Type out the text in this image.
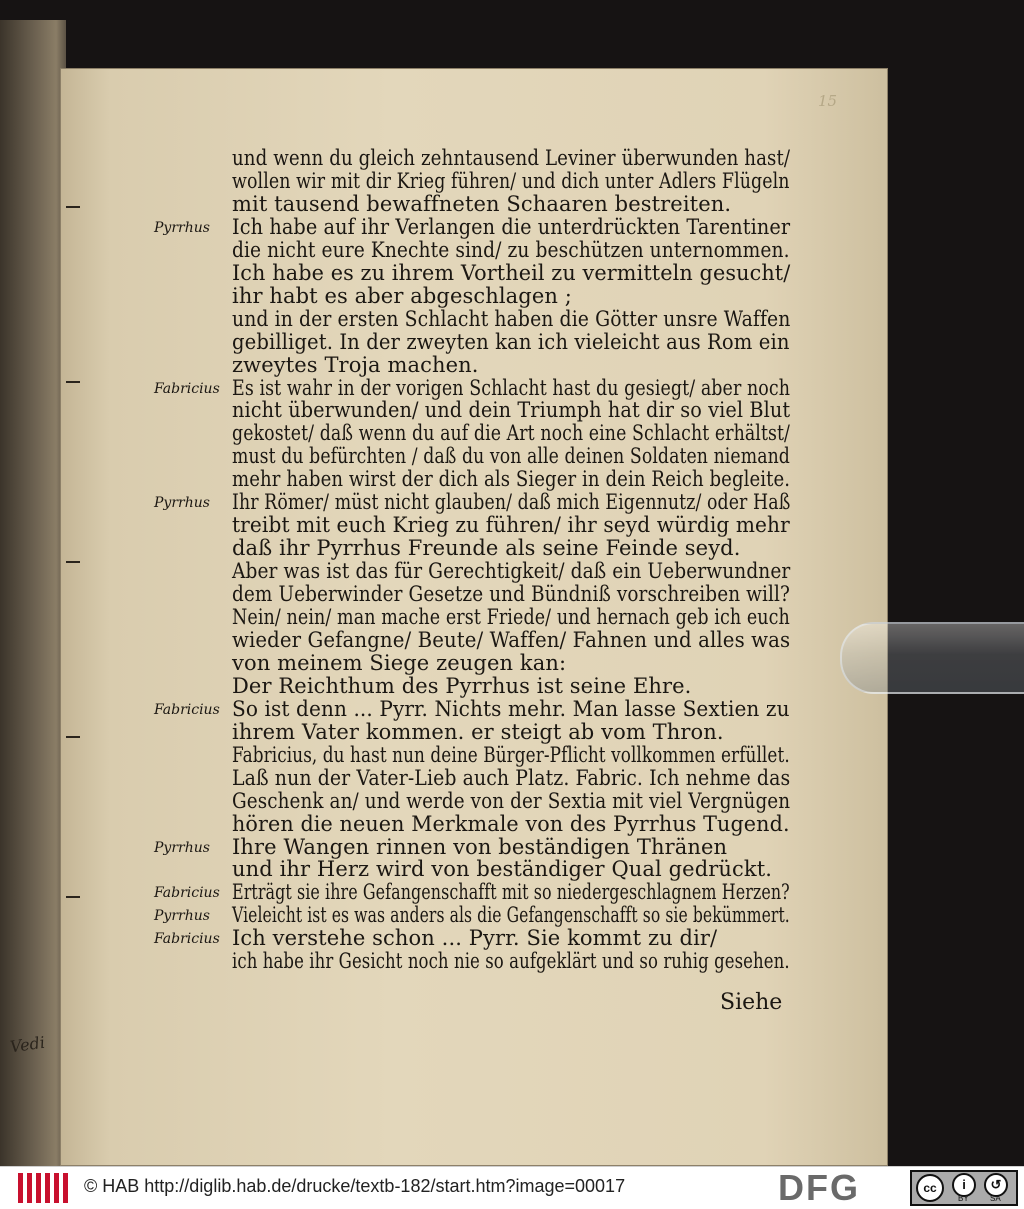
Vedi
15
und wenn du gleich zehntausend Leviner überwunden hast/
wollen wir mit dir Krieg führen/ und dich unter Adlers Flügeln
mit tausend bewaffneten Schaaren bestreiten.
Pyrrhus Ich habe auf ihr Verlangen die unterdrückten Tarentiner
die nicht eure Knechte sind/ zu beschützen unternommen.
Ich habe es zu ihrem Vortheil zu vermitteln gesucht/
ihr habt es aber abgeschlagen ;
und in der ersten Schlacht haben die Götter unsre Waffen
gebilliget. In der zweyten kan ich vieleicht aus Rom ein
zweytes Troja machen.
Fabricius Es ist wahr in der vorigen Schlacht hast du gesiegt/ aber noch
nicht überwunden/ und dein Triumph hat dir so viel Blut
gekostet/ daß wenn du auf die Art noch eine Schlacht erhältst/
must du befürchten / daß du von alle deinen Soldaten niemand
mehr haben wirst der dich als Sieger in dein Reich begleite.
Pyrrhus Ihr Römer/ müst nicht glauben/ daß mich Eigennutz/ oder Haß
treibt mit euch Krieg zu führen/ ihr seyd würdig mehr
daß ihr Pyrrhus Freunde als seine Feinde seyd.
Aber was ist das für Gerechtigkeit/ daß ein Ueberwundner
dem Ueberwinder Gesetze und Bündniß vorschreiben will?
Nein/ nein/ man mache erst Friede/ und hernach geb ich euch
wieder Gefangne/ Beute/ Waffen/ Fahnen und alles was
von meinem Siege zeugen kan:
Der Reichthum des Pyrrhus ist seine Ehre.
Fabricius So ist denn ... Pyrr. Nichts mehr. Man lasse Sextien zu
ihrem Vater kommen. er steigt ab vom Thron.
Fabricius, du hast nun deine Bürger-Pflicht vollkommen erfüllet.
Laß nun der Vater-Lieb auch Platz. Fabric. Ich nehme das
Geschenk an/ und werde von der Sextia mit viel Vergnügen
hören die neuen Merkmale von des Pyrrhus Tugend.
Pyrrhus Ihre Wangen rinnen von beständigen Thränen
und ihr Herz wird von beständiger Qual gedrückt.
Fabricius Erträgt sie ihre Gefangenschafft mit so niedergeschlagnem Herzen?
Pyrrhus Vieleicht ist es was anders als die Gefangenschafft so sie bekümmert.
Fabricius Ich verstehe schon ... Pyrr. Sie kommt zu dir/
ich habe ihr Gesicht noch nie so aufgeklärt und so ruhig gesehen.
Siehe
© HAB http://diglib.hab.de/drucke/textb-182/start.htm?image=00017	DFG	cc	i	↺
BY	SA
